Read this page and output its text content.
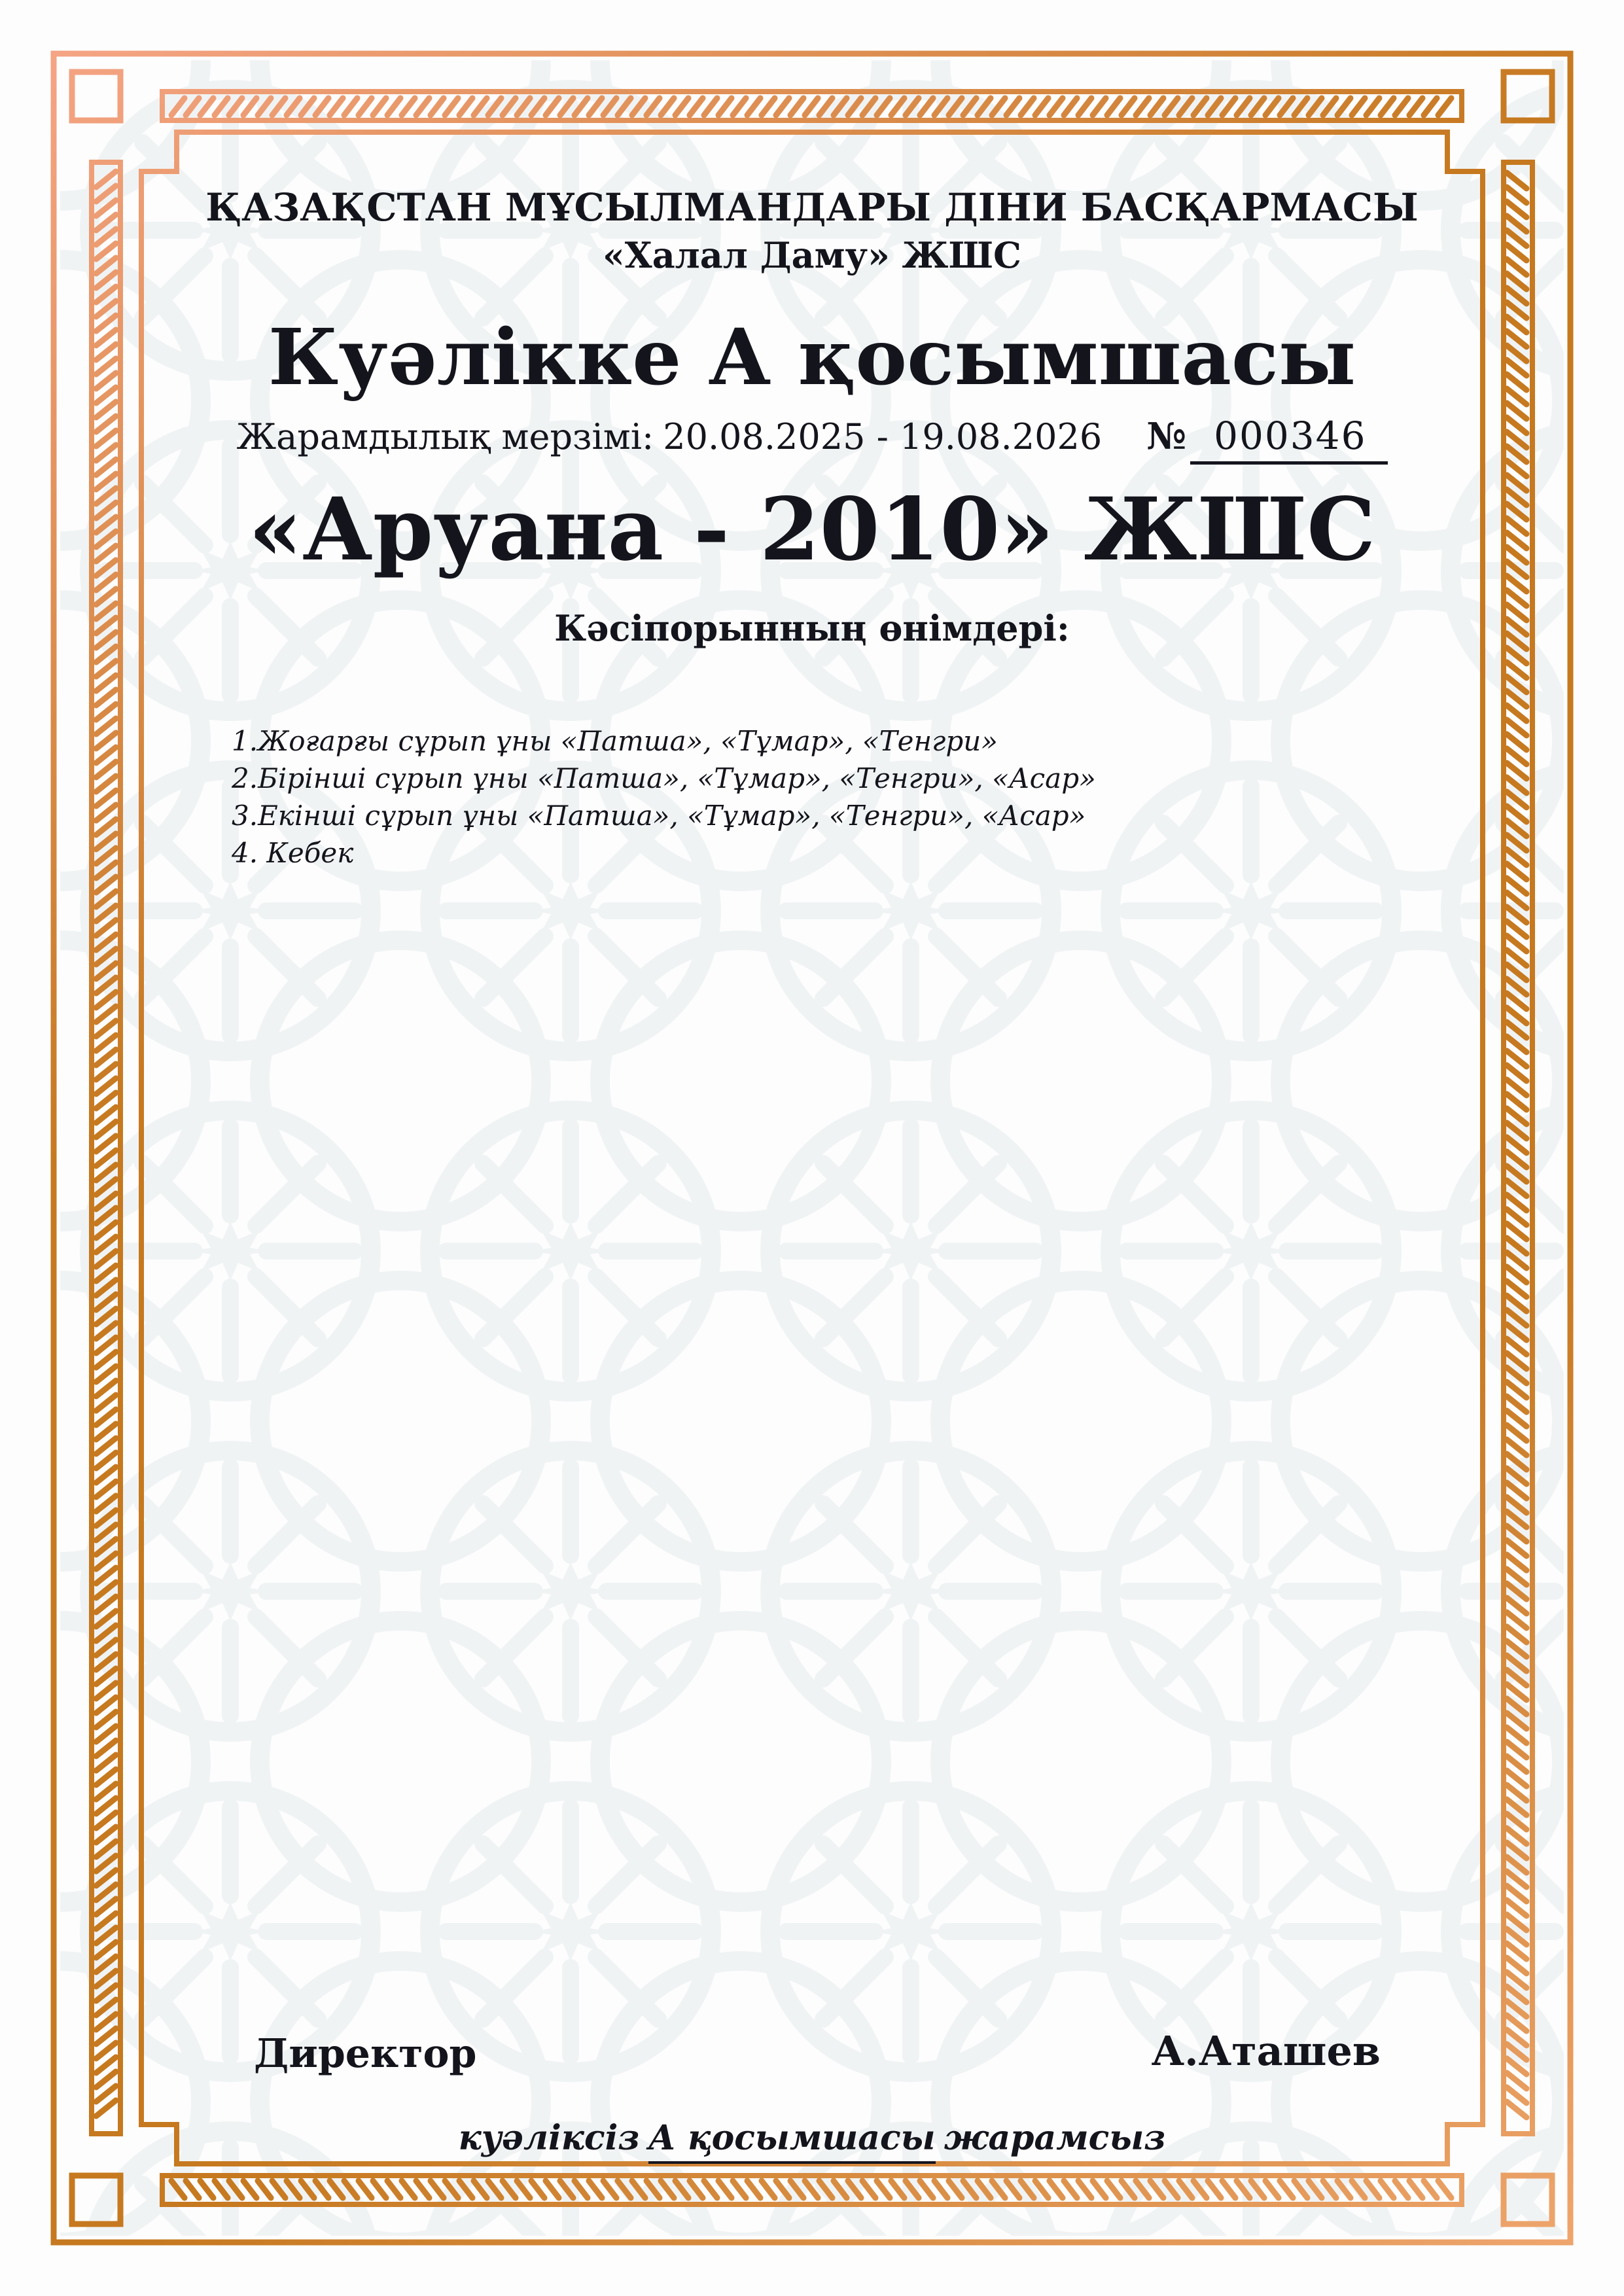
ҚАЗАҚСТАН МҰСЫЛМАНДАРЫ ДІНИ БАСҚАРМАСЫ
«Халал Даму» ЖШС
Куәлікке А қосымшасы
Жарамдылық мерзімі: 20.08.2025 - 19.08.2026 № 000346
«Аруана - 2010» ЖШС
Кәсіпорынның өнімдері:
1.Жоғарғы сұрып ұны «Патша», «Тұмар», «Тенгри»
2.Бірінші сұрып ұны «Патша», «Тұмар», «Тенгри», «Асар»
3.Екінші сұрып ұны «Патша», «Тұмар», «Тенгри», «Асар»
4. Кебек
Директор	А.Аташев
куәліксіз А қосымшасы жарамсыз
